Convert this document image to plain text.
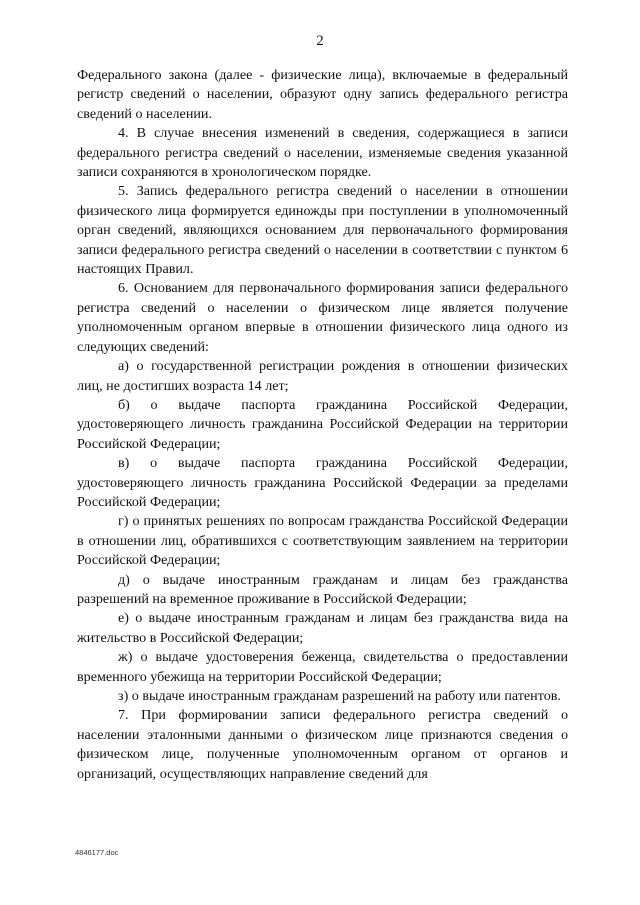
2

Федерального закона (далее - физические лица), включаемые в федеральный регистр сведений о населении, образуют одну запись федерального регистра сведений о населении.

4. В случае внесения изменений в сведения, содержащиеся в записи федерального регистра сведений о населении, изменяемые сведения указанной записи сохраняются в хронологическом порядке.

5. Запись федерального регистра сведений о населении в отношении физического лица формируется единожды при поступлении в уполномоченный орган сведений, являющихся основанием для первоначального формирования записи федерального регистра сведений о населении в соответствии с пунктом 6 настоящих Правил.

6. Основанием для первоначального формирования записи федерального регистра сведений о населении о физическом лице является получение уполномоченным органом впервые в отношении физического лица одного из следующих сведений:

а) о государственной регистрации рождения в отношении физических лиц, не достигших возраста 14 лет;

б) о выдаче паспорта гражданина Российской Федерации, удостоверяющего личность гражданина Российской Федерации на территории Российской Федерации;

в) о выдаче паспорта гражданина Российской Федерации, удостоверяющего личность гражданина Российской Федерации за пределами Российской Федерации;

г) о принятых решениях по вопросам гражданства Российской Федерации в отношении лиц, обратившихся с соответствующим заявлением на территории Российской Федерации;

д) о выдаче иностранным гражданам и лицам без гражданства разрешений на временное проживание в Российской Федерации;

е) о выдаче иностранным гражданам и лицам без гражданства вида на жительство в Российской Федерации;

ж) о выдаче удостоверения беженца, свидетельства о предоставлении временного убежища на территории Российской Федерации;

з) о выдаче иностранным гражданам разрешений на работу или патентов.

7. При формировании записи федерального регистра сведений о населении эталонными данными о физическом лице признаются сведения о физическом лице, полученные уполномоченным органом от органов и организаций, осуществляющих направление сведений для

4846177.doc
